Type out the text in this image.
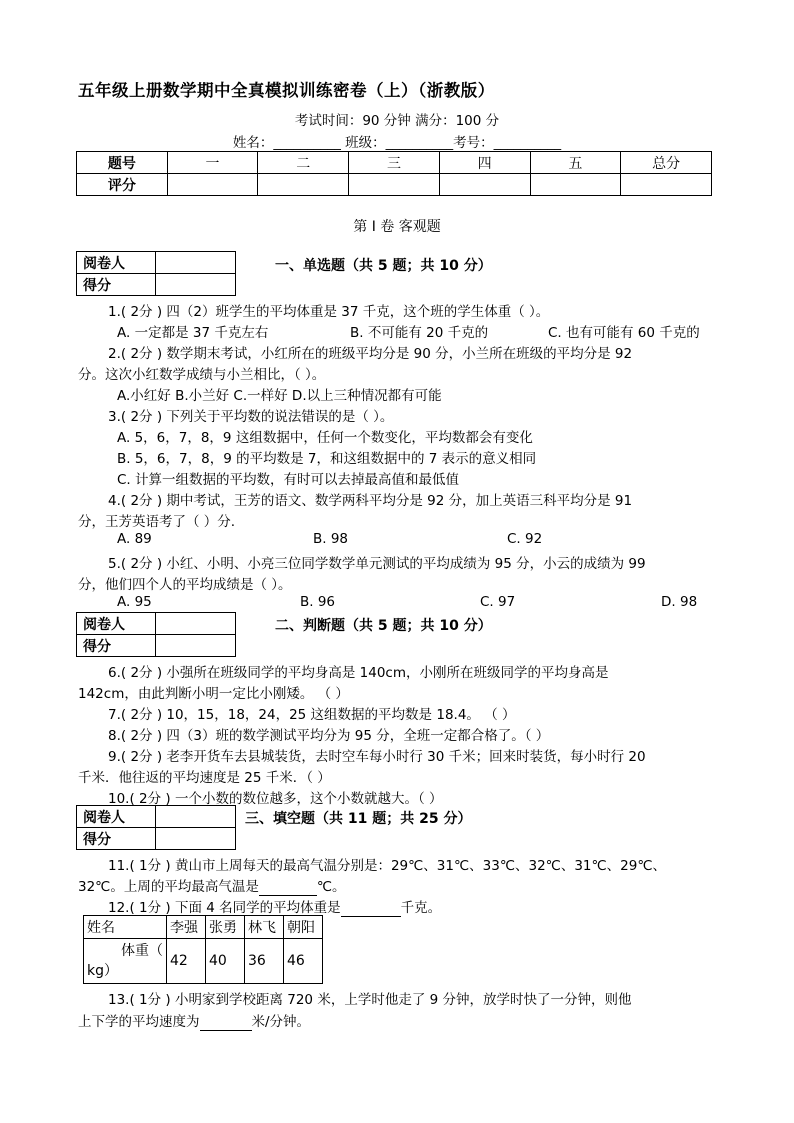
五年级上册数学期中全真模拟训练密卷（上）（浙教版）
考试时间：90 分钟 满分：100 分
姓名：__________ 班级：__________考号：__________
题号	一	二	三	四	五	总分
评分						
第 I 卷 客观题
阅卷人	
得分	
一、单选题（共 5 题；共 10 分）
1.( 2分 ) 四（2）班学生的平均体重是 37 千克，这个班的学生体重（ ）。
A. 一定都是 37 千克左右	B. 不可能有 20 千克的	C. 也有可能有 60 千克的
2.( 2分 ) 数学期末考试，小红所在的班级平均分是 90 分，小兰所在班级的平均分是 92
分。这次小红数学成绩与小兰相比，（ ）。
A.小红好 B.小兰好 C.一样好 D.以上三种情况都有可能
3.( 2分 ) 下列关于平均数的说法错误的是（ ）。
A. 5，6，7，8，9 这组数据中，任何一个数变化，平均数都会有变化
B. 5，6，7，8，9 的平均数是 7，和这组数据中的 7 表示的意义相同
C. 计算一组数据的平均数，有时可以去掉最高值和最低值
4.( 2分 ) 期中考试，王芳的语文、数学两科平均分是 92 分，加上英语三科平均分是 91
分，王芳英语考了（ ）分.
A. 89	B. 98	C. 92
5.( 2分 ) 小红、小明、小亮三位同学数学单元测试的平均成绩为 95 分，小云的成绩为 99
分，他们四个人的平均成绩是（ ）。
A. 95	B. 96	C. 97	D. 98
阅卷人	
得分	
二、判断题（共 5 题；共 10 分）
6.( 2分 ) 小强所在班级同学的平均身高是 140cm，小刚所在班级同学的平均身高是
142cm，由此判断小明一定比小刚矮。 （ ）
7.( 2分 ) 10，15，18，24，25 这组数据的平均数是 18.4。 （ ）
8.( 2分 ) 四（3）班的数学测试平均分为 95 分，全班一定都合格了。（ ）
9.( 2分 ) 老李开货车去县城装货，去时空车每小时行 30 千米；回来时装货，每小时行 20
千米．他往返的平均速度是 25 千米．（ ）
10.( 2分 ) 一个小数的数位越多，这个小数就越大。（ ）
阅卷人	
得分	
三、填空题（共 11 题；共 25 分）
11.( 1分 ) 黄山市上周每天的最高气温分别是：29℃、31℃、33℃、32℃、31℃、29℃、
32℃。上周的平均最高气温是	℃。
12.( 1分 ) 下面 4 名同学的平均体重是	千克。
姓名	李强	张勇	林飞	朝阳

体重（
kg）	42	40	36	46
13.( 1分 ) 小明家到学校距离 720 米，上学时他走了 9 分钟，放学时快了一分钟，则他
上下学的平均速度为	米/分钟。
